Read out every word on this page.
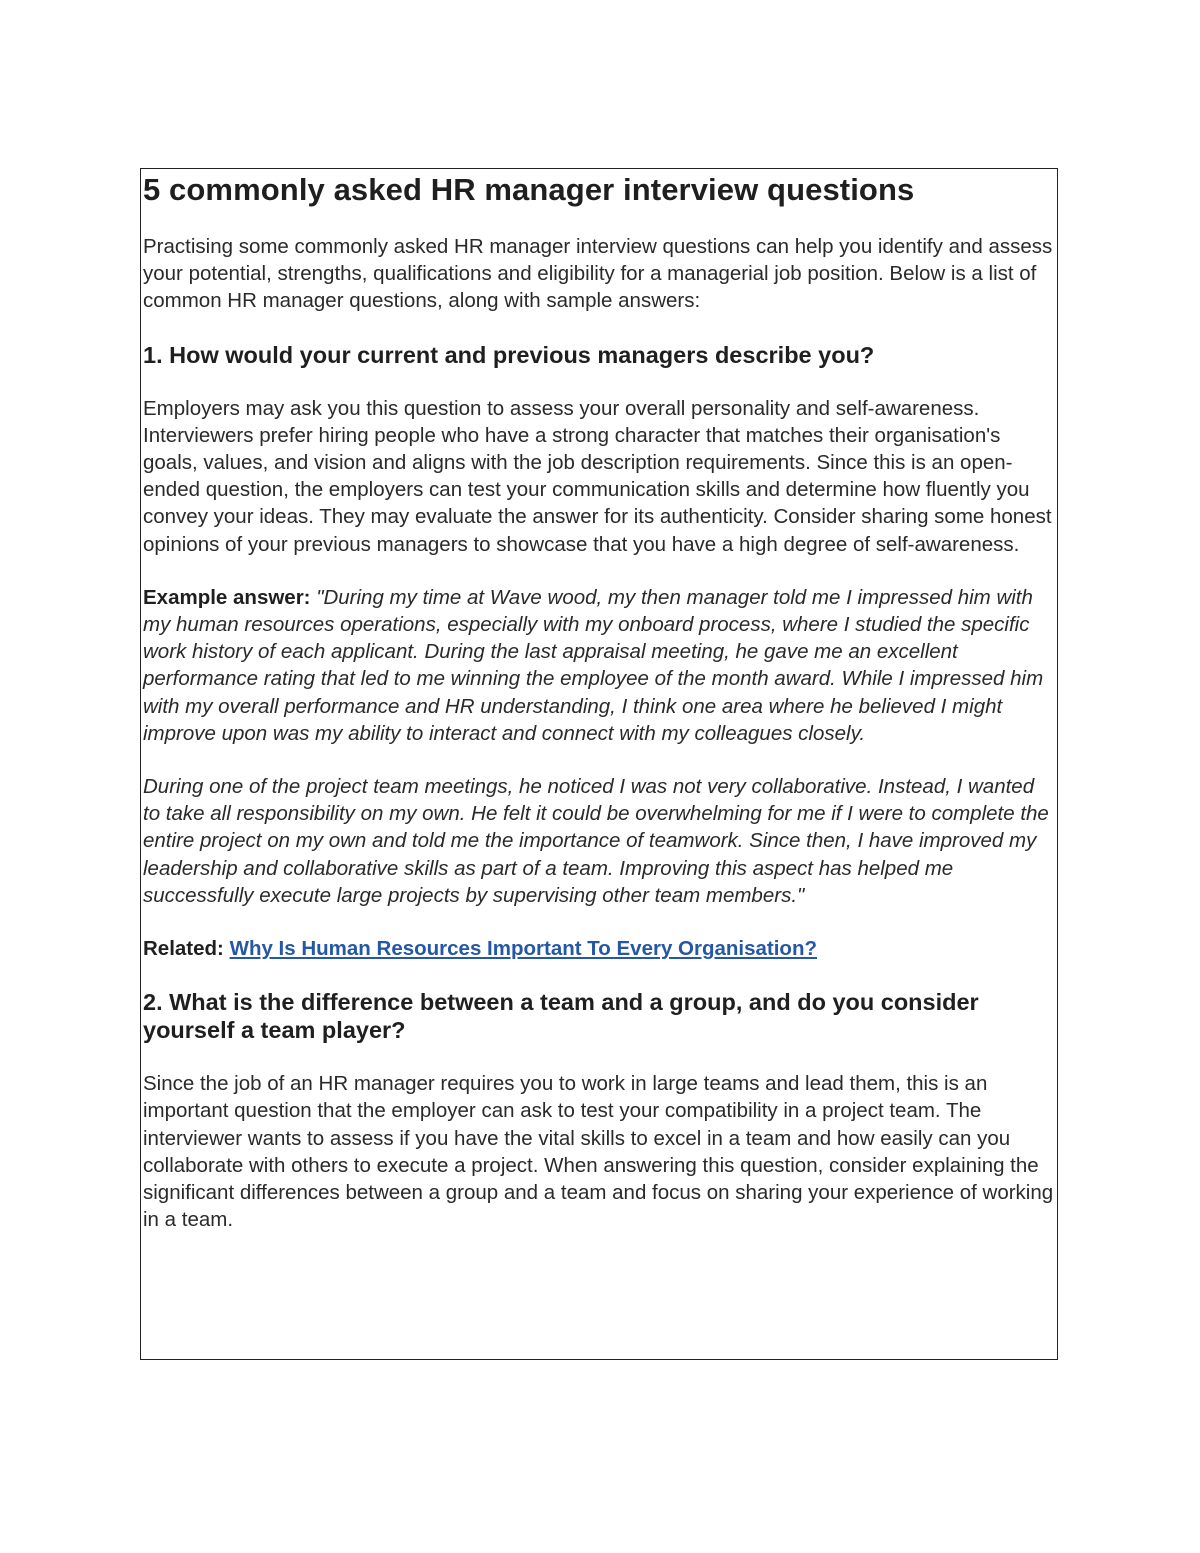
5 commonly asked HR manager interview questions

Practising some commonly asked HR manager interview questions can help you identify and assess your potential, strengths, qualifications and eligibility for a managerial job position. Below is a list of common HR manager questions, along with sample answers:

1. How would your current and previous managers describe you?

Employers may ask you this question to assess your overall personality and self-awareness. Interviewers prefer hiring people who have a strong character that matches their organisation's goals, values, and vision and aligns with the job description requirements. Since this is an open-ended question, the employers can test your communication skills and determine how fluently you convey your ideas. They may evaluate the answer for its authenticity. Consider sharing some honest opinions of your previous managers to showcase that you have a high degree of self-awareness.

Example answer: "During my time at Wave wood, my then manager told me I impressed him with my human resources operations, especially with my onboard process, where I studied the specific work history of each applicant. During the last appraisal meeting, he gave me an excellent performance rating that led to me winning the employee of the month award. While I impressed him with my overall performance and HR understanding, I think one area where he believed I might improve upon was my ability to interact and connect with my colleagues closely.

During one of the project team meetings, he noticed I was not very collaborative. Instead, I wanted to take all responsibility on my own. He felt it could be overwhelming for me if I were to complete the entire project on my own and told me the importance of teamwork. Since then, I have improved my leadership and collaborative skills as part of a team. Improving this aspect has helped me successfully execute large projects by supervising other team members."

Related: Why Is Human Resources Important To Every Organisation?

2. What is the difference between a team and a group, and do you consider yourself a team player?

Since the job of an HR manager requires you to work in large teams and lead them, this is an important question that the employer can ask to test your compatibility in a project team. The interviewer wants to assess if you have the vital skills to excel in a team and how easily can you collaborate with others to execute a project. When answering this question, consider explaining the significant differences between a group and a team and focus on sharing your experience of working in a team.
